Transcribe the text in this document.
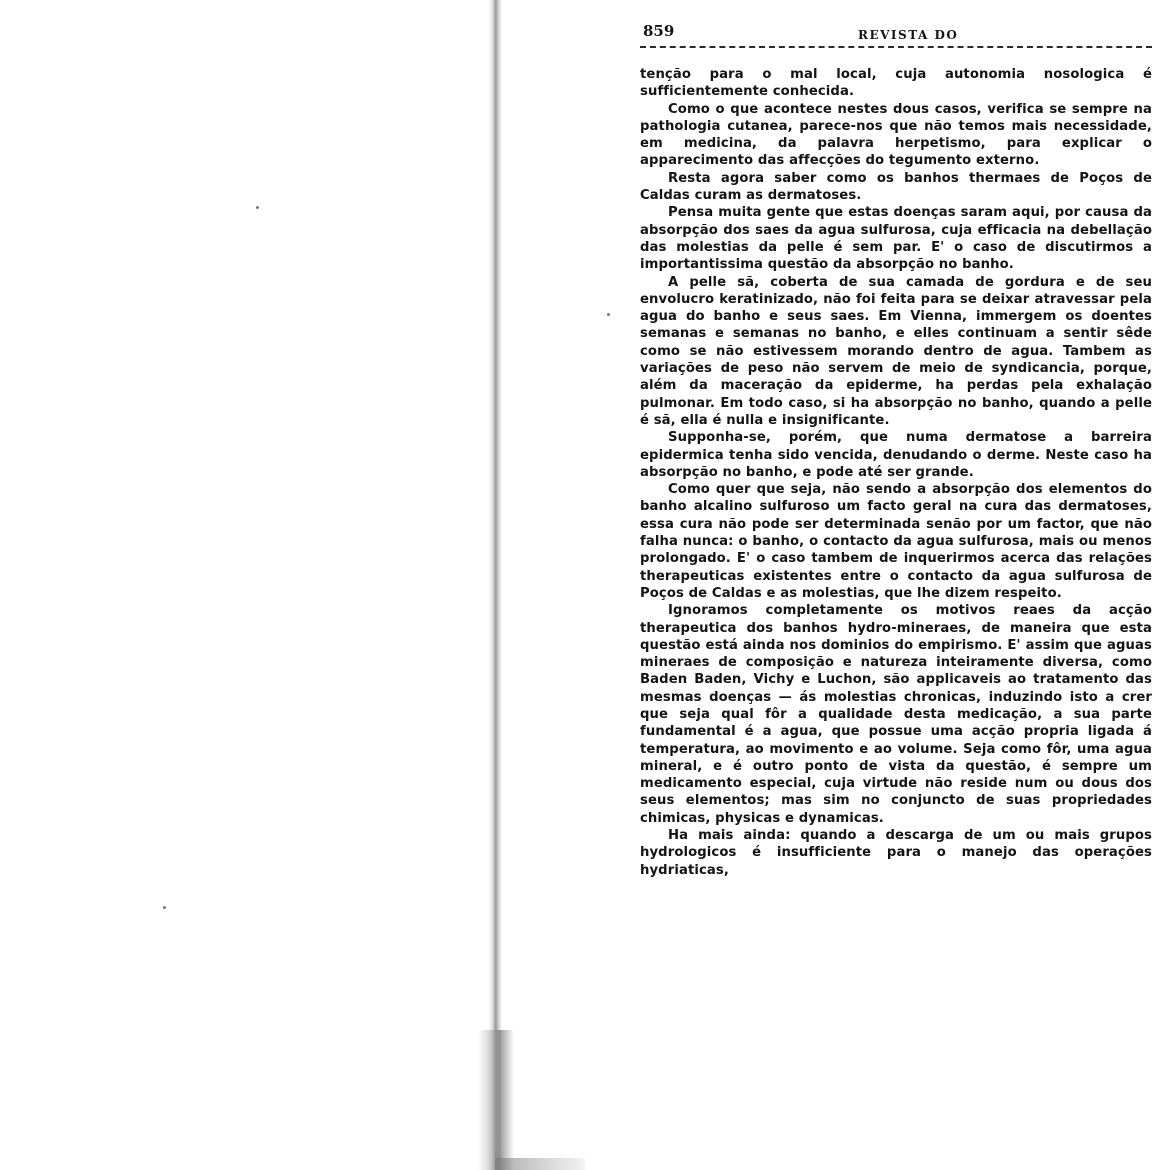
859	REVISTA DO

tenção para o mal local, cuja autonomia nosologica é sufficientemente conhecida.

Como o que acontece nestes dous casos, verifica se sempre na pathologia cutanea, parece-nos que não temos mais necessidade, em medicina, da palavra herpetismo, para explicar o apparecimento das affecções do tegumento externo.

Resta agora saber como os banhos thermaes de Poços de Caldas curam as dermatoses.

Pensa muita gente que estas doenças saram aqui, por causa da absorpção dos saes da agua sulfurosa, cuja efficacia na debellação das molestias da pelle é sem par. E' o caso de discutirmos a importantissima questão da absorpção no banho.

A pelle sã, coberta de sua camada de gordura e de seu envolucro keratinizado, não foi feita para se deixar atravessar pela agua do banho e seus saes. Em Vienna, immergem os doentes semanas e semanas no banho, e elles continuam a sentir sêde como se não estivessem morando dentro de agua. Tambem as variações de peso não servem de meio de syndicancia, porque, além da maceração da epiderme, ha perdas pela exhalação pulmonar. Em todo caso, si ha absorpção no banho, quando a pelle é sã, ella é nulla e insignificante.

Supponha-se, porém, que numa dermatose a barreira epidermica tenha sido vencida, denudando o derme. Neste caso ha absorpção no banho, e pode até ser grande.

Como quer que seja, não sendo a absorpção dos elementos do banho alcalino sulfuroso um facto geral na cura das dermatoses, essa cura não pode ser determinada senão por um factor, que não falha nunca: o banho, o contacto da agua sulfurosa, mais ou menos prolongado. E' o caso tambem de inquerirmos acerca das relações therapeuticas existentes entre o contacto da agua sulfurosa de Poços de Caldas e as molestias, que lhe dizem respeito.

Ignoramos completamente os motivos reaes da acção therapeutica dos banhos hydro-mineraes, de maneira que esta questão está ainda nos dominios do empirismo. E' assim que aguas mineraes de composição e natureza inteiramente diversa, como Baden Baden, Vichy e Luchon, são applicaveis ao tratamento das mesmas doenças — ás molestias chronicas, induzindo isto a crer que seja qual fôr a qualidade desta medicação, a sua parte fundamental é a agua, que possue uma acção propria ligada á temperatura, ao movimento e ao volume. Seja como fôr, uma agua mineral, e é outro ponto de vista da questão, é sempre um medicamento especial, cuja virtude não reside num ou dous dos seus elementos; mas sim no conjuncto de suas propriedades chimicas, physicas e dynamicas.

Ha mais ainda: quando a descarga de um ou mais grupos hydrologicos é insufficiente para o manejo das operações hydriaticas,
